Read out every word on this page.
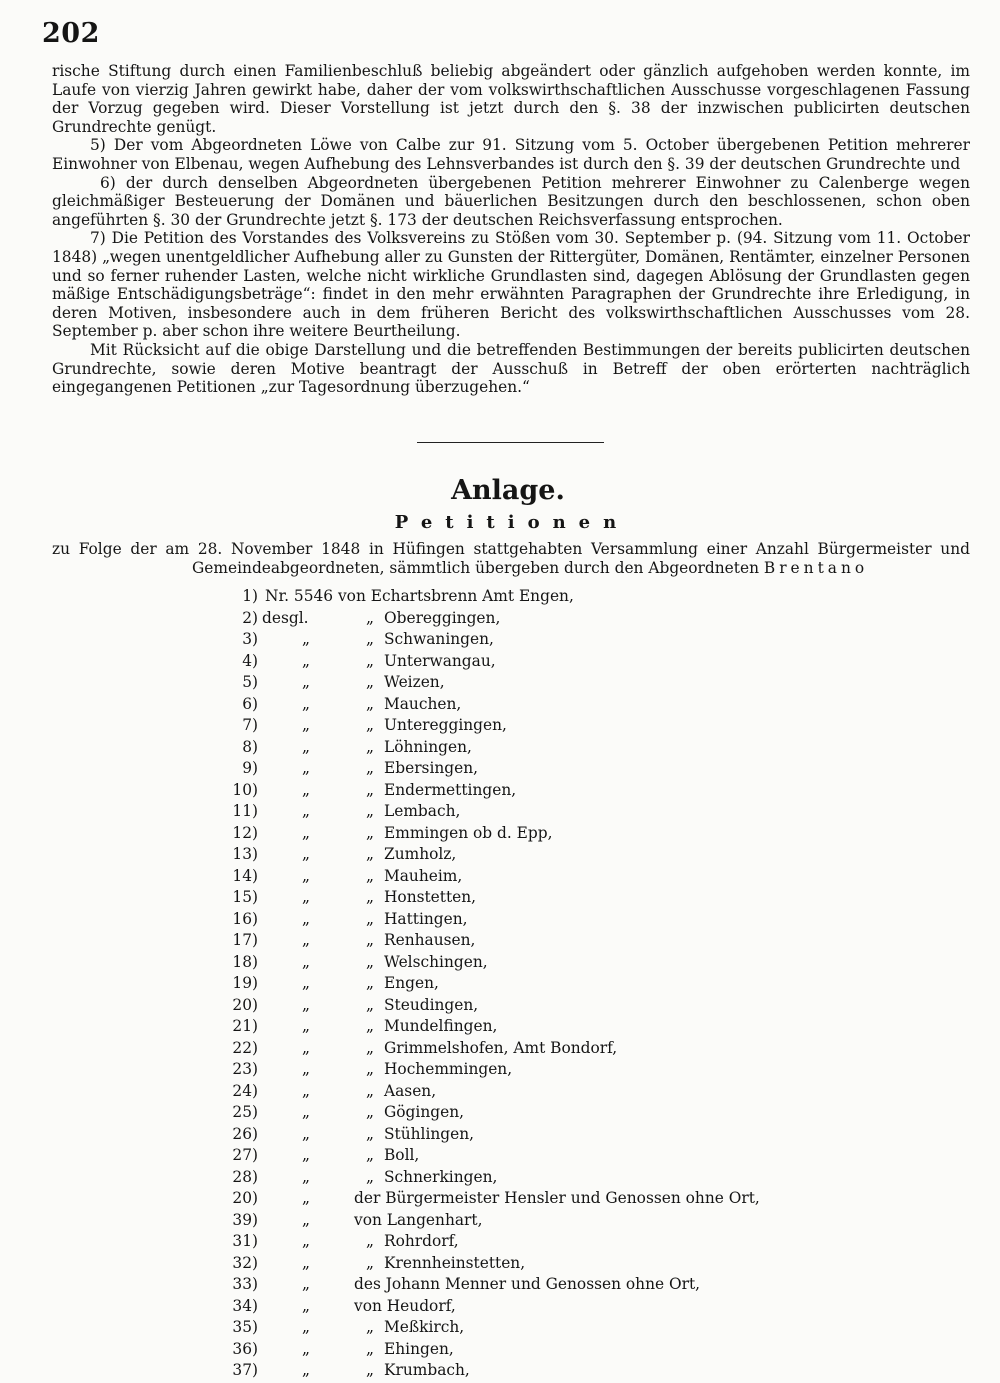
202

rische Stiftung durch einen Familienbeschluß beliebig abgeändert oder gänzlich aufgehoben werden konnte, im Laufe von vierzig Jahren gewirkt habe, daher der vom volkswirthschaftlichen Ausschusse vorgeschlagenen Fassung der Vorzug gegeben wird. Dieser Vorstellung ist jetzt durch den §. 38 der inzwischen publicirten deutschen Grundrechte genügt.

5) Der vom Abgeordneten Löwe von Calbe zur 91. Sitzung vom 5. October übergebenen Petition mehrerer Einwohner von Elbenau, wegen Aufhebung des Lehnsverbandes ist durch den §. 39 der deutschen Grundrechte und

6) der durch denselben Abgeordneten übergebenen Petition mehrerer Einwohner zu Calenberge wegen gleichmäßiger Besteuerung der Domänen und bäuerlichen Besitzungen durch den beschlossenen, schon oben angeführten §. 30 der Grundrechte jetzt §. 173 der deutschen Reichsverfassung entsprochen.

7) Die Petition des Vorstandes des Volksvereins zu Stößen vom 30. September p. (94. Sitzung vom 11. October 1848) „wegen unentgeldlicher Aufhebung aller zu Gunsten der Rittergüter, Domänen, Rentämter, einzelner Personen und so ferner ruhender Lasten, welche nicht wirkliche Grundlasten sind, dagegen Ablösung der Grundlasten gegen mäßige Entschädigungsbeträge“: findet in den mehr erwähnten Paragraphen der Grundrechte ihre Erledigung, in deren Motiven, insbesondere auch in dem früheren Bericht des volkswirthschaftlichen Ausschusses vom 28. September p. aber schon ihre weitere Beurtheilung.

Mit Rücksicht auf die obige Darstellung und die betreffenden Bestimmungen der bereits publicirten deutschen Grundrechte, sowie deren Motive beantragt der Ausschuß in Betreff der oben erörterten nachträglich eingegangenen Petitionen „zur Tagesordnung überzugehen.“

Anlage.
Petitionen
zu Folge der am 28. November 1848 in Hüfingen stattgehabten Versammlung einer Anzahl Bürgermeister und
Gemeindeabgeordneten, sämmtlich übergeben durch den Abgeordneten Brentano
1) Nr. 5546 von Echartsbrenn Amt Engen,
2) desgl.	„ Obereggingen,
3)	„	„ Schwaningen,
4)	„	„ Unterwangau,
5)	„	„ Weizen,
6)	„	„ Mauchen,
7)	„	„ Untereggingen,
8)	„	„ Löhningen,
9)	„	„ Ebersingen,
10)	„	„ Endermettingen,
11)	„	„ Lembach,
12)	„	„ Emmingen ob d. Epp,
13)	„	„ Zumholz,
14)	„	„ Mauheim,
15)	„	„ Honstetten,
16)	„	„ Hattingen,
17)	„	„ Renhausen,
18)	„	„ Welschingen,
19)	„	„ Engen,
20)	„	„ Steudingen,
21)	„	„ Mundelfingen,
22)	„	„ Grimmelshofen, Amt Bondorf,
23)	„	„ Hochemmingen,
24)	„	„ Aasen,
25)	„	„ Gögingen,
26)	„	„ Stühlingen,
27)	„	„ Boll,
28)	„	„ Schnerkingen,
20)	„	der Bürgermeister Hensler und Genossen ohne Ort,
39)	„	von Langenhart,
31)	„	„ Rohrdorf,
32)	„	„ Krennheinstetten,
33)	„	des Johann Menner und Genossen ohne Ort,
34)	„	von Heudorf,
35)	„	„ Meßkirch,
36)	„	„ Ehingen,
37)	„	„ Krumbach,
